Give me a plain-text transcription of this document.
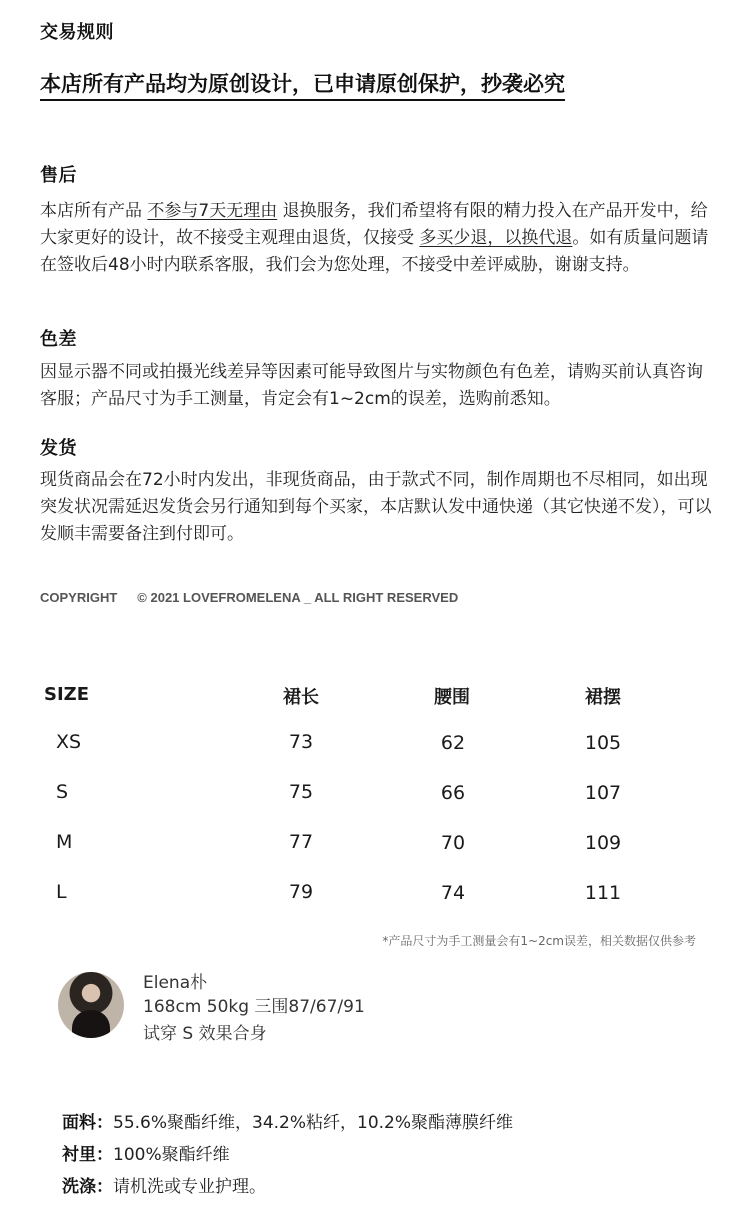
交易规则
本店所有产品均为原创设计，已申请原创保护，抄袭必究
售后
本店所有产品 不参与7天无理由 退换服务，我们希望将有限的精力投入在产品开发中，给大家更好的设计，故不接受主观理由退货，仅接受 多买少退，以换代退。如有质量问题请在签收后48小时内联系客服，我们会为您处理，不接受中差评威胁，谢谢支持。
色差
因显示器不同或拍摄光线差异等因素可能导致图片与实物颜色有色差，请购买前认真咨询客服；产品尺寸为手工测量，肯定会有1~2cm的误差，选购前悉知。
发货
现货商品会在72小时内发出，非现货商品，由于款式不同，制作周期也不尽相同，如出现突发状况需延迟发货会另行通知到每个买家，本店默认发中通快递（其它快递不发），可以发顺丰需要备注到付即可。
COPYRIGHT © 2021 LOVEFROMELENA _ ALL RIGHT RESERVED
SIZE	裙长	腰围	裙摆
XS	73	62	105
S	75	66	107
M	77	70	109
L	79	74	111
*产品尺寸为手工测量会有1~2cm误差，相关数据仅供参考
Elena朴
168cm 50kg 三围87/67/91
试穿 S 效果合身
面料：55.6%聚酯纤维，34.2%粘纤，10.2%聚酯薄膜纤维
衬里：100%聚酯纤维
洗涤：请机洗或专业护理。
